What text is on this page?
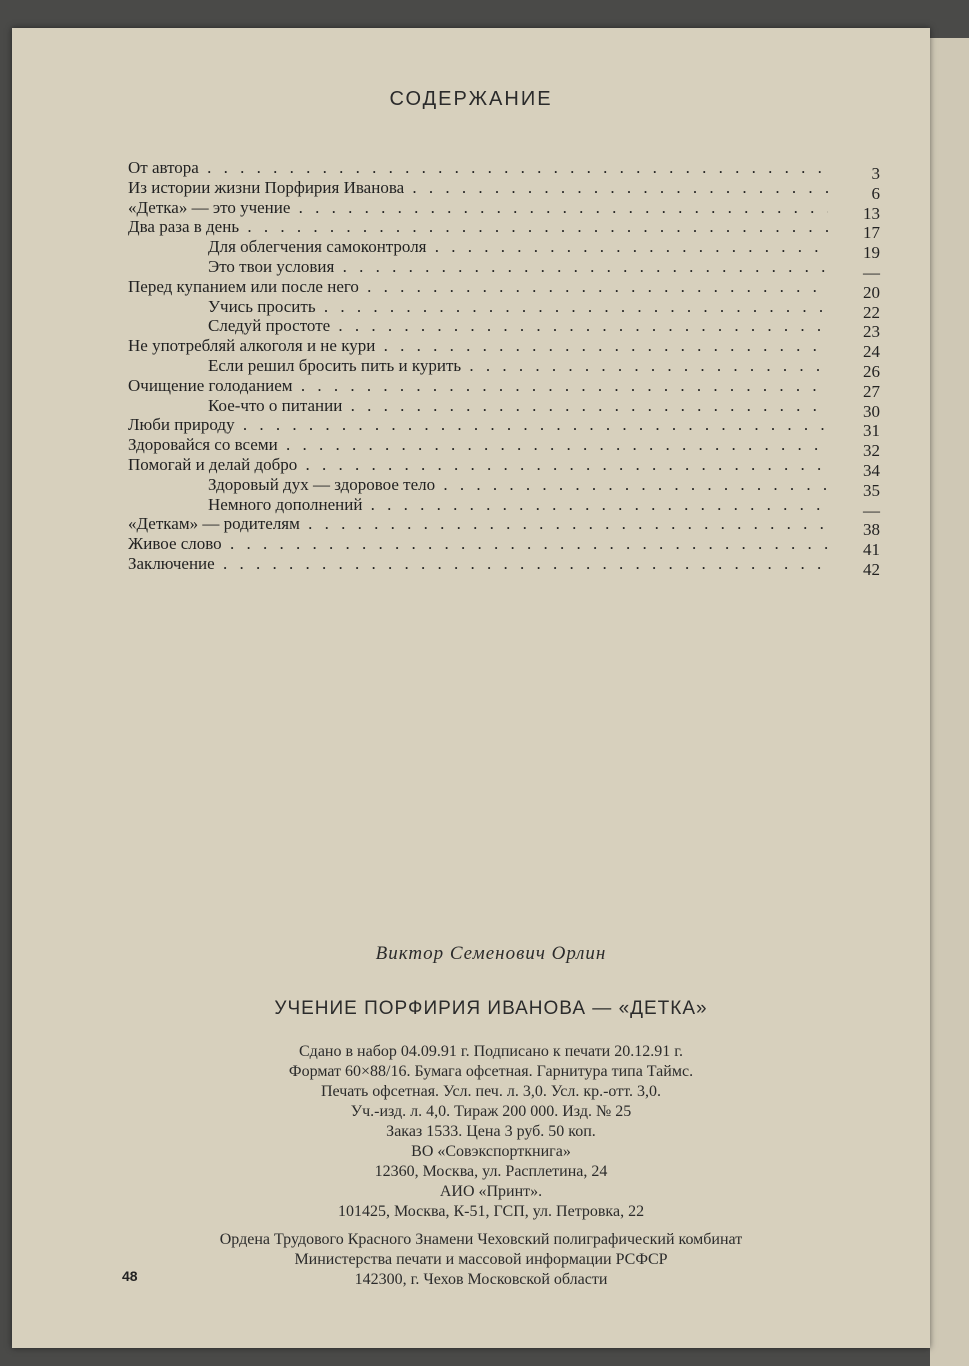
СОДЕРЖАНИЕ
От автора . . .	3
Из истории жизни Порфирия Иванова . . .	6
«Детка» — это учение . . .	13
Два раза в день . . .	17
Для облегчения самоконтроля . . .	19
Это твои условия . . .	—
Перед купанием или после него . . .	20
Учись просить . . .	22
Следуй простоте . . .	23
Не употребляй алкоголя и не кури . . .	24
Если решил бросить пить и курить . . .	26
Очищение голоданием . . .	27
Кое-что о питании . . .	30
Люби природу . . .	31
Здоровайся со всеми . . .	32
Помогай и делай добро . . .	34
Здоровый дух — здоровое тело . . .	35
Немного дополнений . . .	—
«Деткам» — родителям . . .	38
Живое слово . . .	41
Заключение . . .	42
Виктор Семенович Орлин
УЧЕНИЕ ПОРФИРИЯ ИВАНОВА — «ДЕТКА»
Сдано в набор 04.09.91 г. Подписано к печати 20.12.91 г.
Формат 60×88/16. Бумага офсетная. Гарнитура типа Таймс.
Печать офсетная. Усл. печ. л. 3,0. Усл. кр.-отт. 3,0.
Уч.-изд. л. 4,0. Тираж 200 000. Изд. № 25
Заказ 1533. Цена 3 руб. 50 коп.
ВО «Совэкспорткнига»
12360, Москва, ул. Расплетина, 24
АИО «Принт».
101425, Москва, К-51, ГСП, ул. Петровка, 22
Ордена Трудового Красного Знамени Чеховский полиграфический комбинат
Министерства печати и массовой информации РСФСР
142300, г. Чехов Московской области
48
